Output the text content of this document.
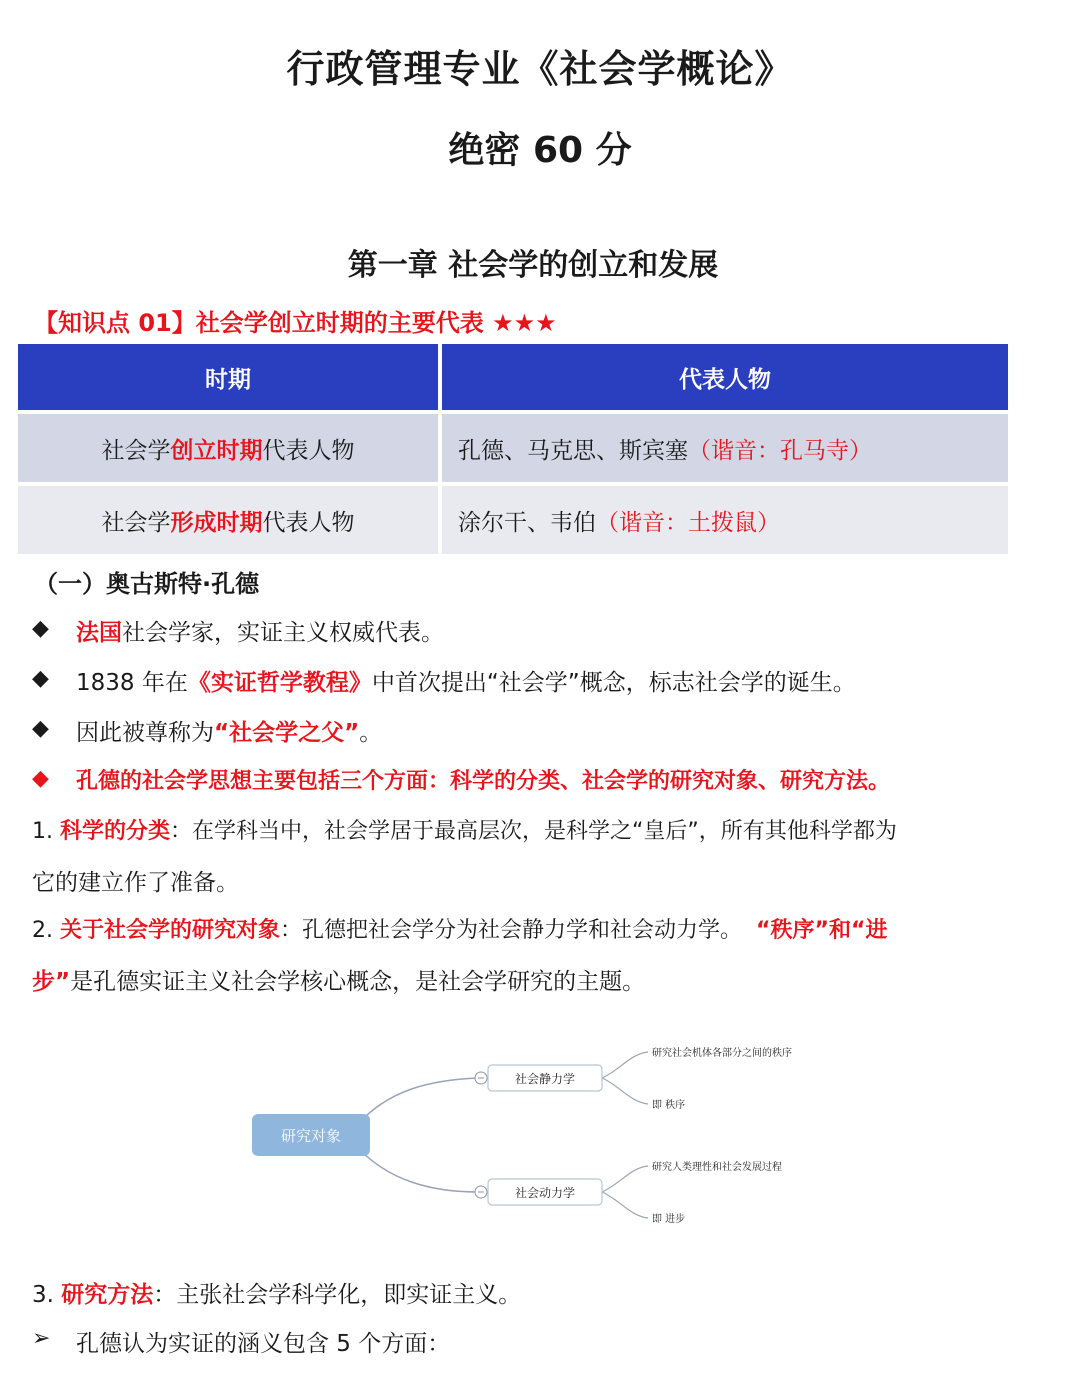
行政管理专业《社会学概论》
绝密 60 分
第一章 社会学的创立和发展
【知识点 01】社会学创立时期的主要代表 ★★★
时期	代表人物
社会学创立时期代表人物	孔德、马克思、斯宾塞（谐音：孔马寺）
社会学形成时期代表人物	涂尔干、韦伯（谐音：土拨鼠）
（一）奥古斯特·孔德
◆ 法国社会学家，实证主义权威代表。
◆ 1838 年在《实证哲学教程》中首次提出“社会学”概念，标志社会学的诞生。
◆ 因此被尊称为“社会学之父”。
◆ 孔德的社会学思想主要包括三个方面：科学的分类、社会学的研究对象、研究方法。
1. 科学的分类：在学科当中，社会学居于最高层次，是科学之“皇后”，所有其他科学都为
它的建立作了准备。
2. 关于社会学的研究对象：孔德把社会学分为社会静力学和社会动力学。 “秩序”和“进
步”是孔德实证主义社会学核心概念，是社会学研究的主题。
研究对象
社会静力学
社会动力学
研究社会机体各部分之间的秩序
即 秩序
研究人类理性和社会发展过程
即 进步
3. 研究方法：主张社会学科学化，即实证主义。
➢ 孔德认为实证的涵义包含 5 个方面：
